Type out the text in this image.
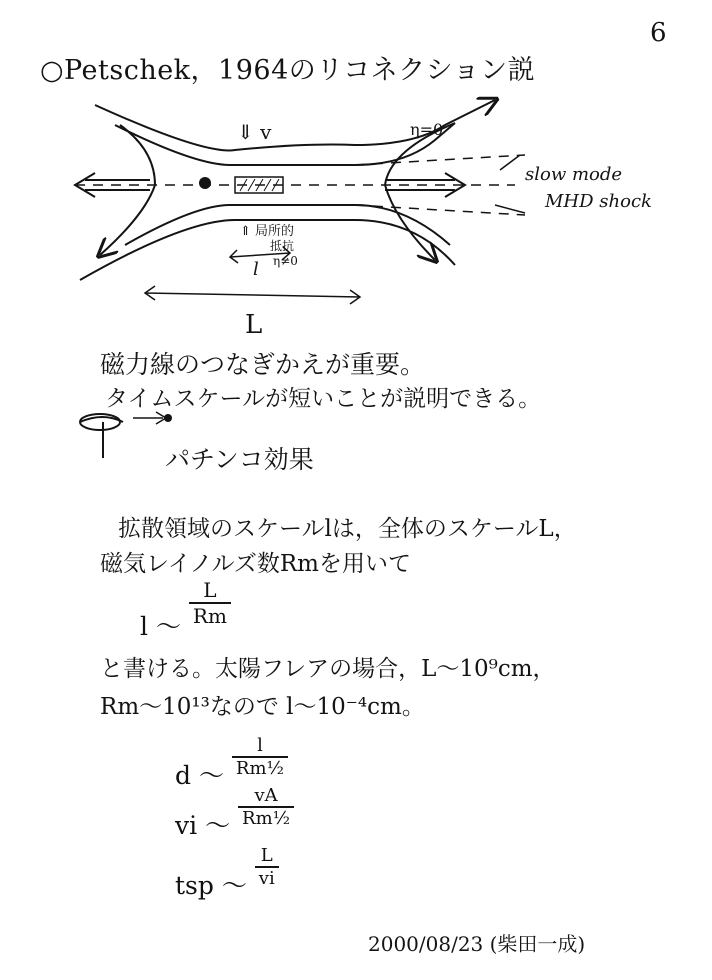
6
○Petschek，1964のリコネクション説
⇓ v	η=0
slow mode
MHD shock
⇑ 局所的
抵抗
η≠0
l
L
磁力線のつなぎかえが重要。
タイムスケールが短いことが説明できる。
パチンコ効果
拡散領域のスケールlは，全体のスケールL，
磁気レイノルズ数Rmを用いて
l ～ $\frac{L}{Rm}$
と書ける。太陽フレアの場合，L～10⁹cm，
Rm～10¹³なので l～10⁻⁴cm。
d ～ $\frac{l}{\text{Rm½}}$
vi ～ $\frac{vA}{\text{Rm½}}$
tsp ～ $\frac{L}{vi}$
2000/08/23 (柴田一成)
